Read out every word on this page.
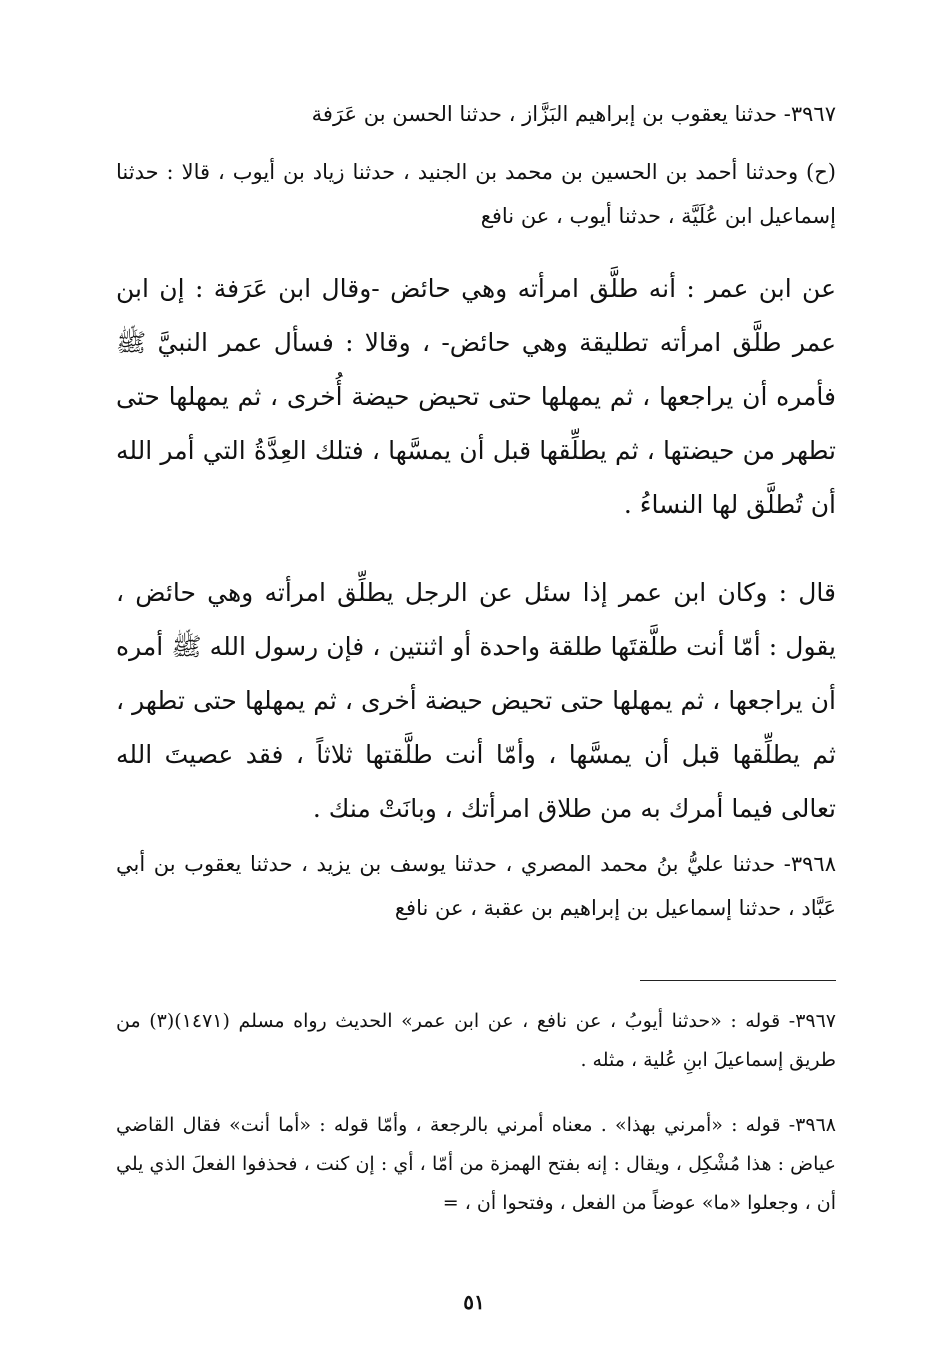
٣٩٦٧- حدثنا يعقوب بن إبراهيم البَزَّاز ، حدثنا الحسن بن عَرَفة

(ح) وحدثنا أحمد بن الحسين بن محمد بن الجنيد ، حدثنا زياد بن أيوب ، قالا : حدثنا إسماعيل ابن عُلَيَّة ، حدثنا أيوب ، عن نافع

عن ابن عمر : أنه طلَّق امرأته وهي حائض -وقال ابن عَرَفة : إن ابن عمر طلَّق امرأته تطليقة وهي حائض- ، وقالا : فسأل عمر النبيَّ ﷺ فأمره أن يراجعها ، ثم يمهلها حتى تحيض حيضة أُخرى ، ثم يمهلها حتى تطهر من حيضتها ، ثم يطلِّقها قبل أن يمسَّها ، فتلك العِدَّةُ التي أمر الله أن تُطلَّق لها النساءُ .

قال : وكان ابن عمر إذا سئل عن الرجل يطلِّق امرأته وهي حائض ، يقول : أمّا أنت طلَّقتَها طلقة واحدة أو اثنتين ، فإن رسول الله ﷺ أمره أن يراجعها ، ثم يمهلها حتى تحيض حيضة أخرى ، ثم يمهلها حتى تطهر ، ثم يطلِّقها قبل أن يمسَّها ، وأمّا أنت طلَّقتها ثلاثاً ، فقد عصيتَ الله تعالى فيما أمرك به من طلاق امرأتك ، وبانَتْ منك .

٣٩٦٨- حدثنا عليُّ بنُ محمد المصري ، حدثنا يوسف بن يزيد ، حدثنا يعقوب بن أبي عَبَّاد ، حدثنا إسماعيل بن إبراهيم بن عقبة ، عن نافع

٣٩٦٧- قوله : «حدثنا أيوبُ ، عن نافع ، عن ابن عمر» الحديث رواه مسلم (١٤٧١)(٣) من طريق إسماعيلَ ابنِ عُلية ، مثله .

٣٩٦٨- قوله : «أمرني بهذا» . معناه أمرني بالرجعة ، وأمّا قوله : «أما أنت» فقال القاضي عياض : هذا مُشْكِل ، ويقال : إنه بفتح الهمزة من أمّا ، أي : إن كنت ، فحذفوا الفعلَ الذي يلي أن ، وجعلوا «ما» عوضاً من الفعل ، وفتحوا أن ، =

٥١
